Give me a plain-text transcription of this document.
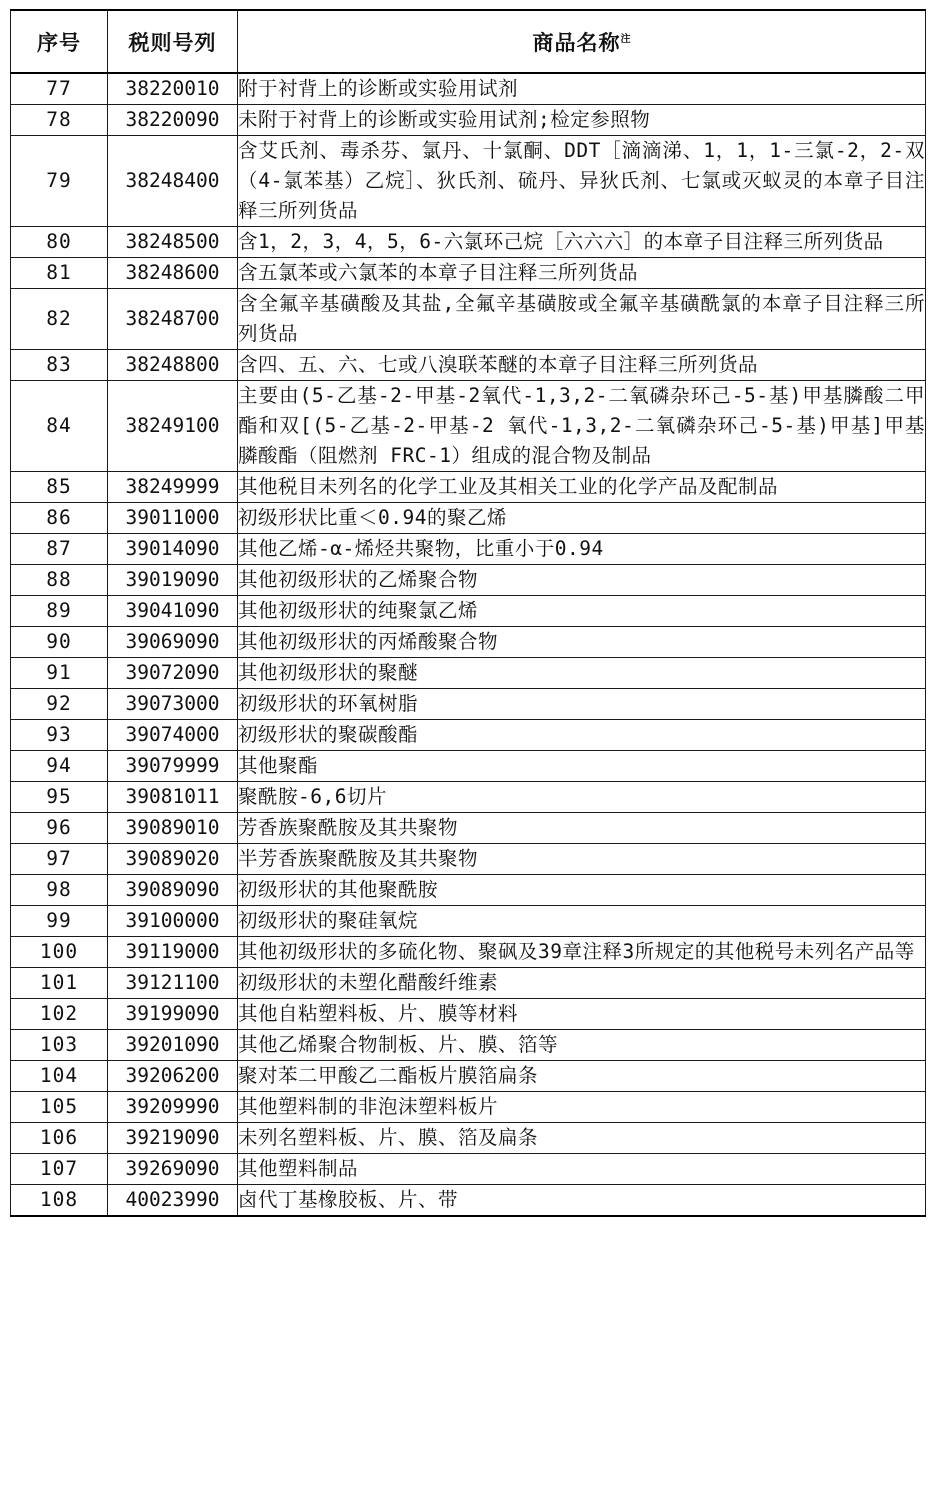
序号	税则号列	商品名称$^注$
77	38220010	附于衬背上的诊断或实验用试剂
78	38220090	未附于衬背上的诊断或实验用试剂;检定参照物
79	38248400	含艾氏剂、毒杀芬、氯丹、十氯酮、DDT［滴滴涕、1，1，1-三氯-2，2-双（4-氯苯基）乙烷］、狄氏剂、硫丹、异狄氏剂、七氯或灭蚁灵的本章子目注释三所列货品
80	38248500	含1，2，3，4，5，6-六氯环己烷［六六六］的本章子目注释三所列货品
81	38248600	含五氯苯或六氯苯的本章子目注释三所列货品
82	38248700	含全氟辛基磺酸及其盐,全氟辛基磺胺或全氟辛基磺酰氯的本章子目注释三所列货品
83	38248800	含四、五、六、七或八溴联苯醚的本章子目注释三所列货品
84	38249100	主要由(5-乙基-2-甲基-2氧代-1,3,2-二氧磷杂环己-5-基)甲基膦酸二甲酯和双[(5-乙基-2-甲基-2 氧代-1,3,2-二氧磷杂环己-5-基)甲基]甲基膦酸酯（阻燃剂 FRC-1）组成的混合物及制品
85	38249999	其他税目未列名的化学工业及其相关工业的化学产品及配制品
86	39011000	初级形状比重＜0.94的聚乙烯
87	39014090	其他乙烯-α-烯烃共聚物，比重小于0.94
88	39019090	其他初级形状的乙烯聚合物
89	39041090	其他初级形状的纯聚氯乙烯
90	39069090	其他初级形状的丙烯酸聚合物
91	39072090	其他初级形状的聚醚
92	39073000	初级形状的环氧树脂
93	39074000	初级形状的聚碳酸酯
94	39079999	其他聚酯
95	39081011	聚酰胺-6,6切片
96	39089010	芳香族聚酰胺及其共聚物
97	39089020	半芳香族聚酰胺及其共聚物
98	39089090	初级形状的其他聚酰胺
99	39100000	初级形状的聚硅氧烷
100	39119000	其他初级形状的多硫化物、聚砜及39章注释3所规定的其他税号未列名产品等
101	39121100	初级形状的未塑化醋酸纤维素
102	39199090	其他自粘塑料板、片、膜等材料
103	39201090	其他乙烯聚合物制板、片、膜、箔等
104	39206200	聚对苯二甲酸乙二酯板片膜箔扁条
105	39209990	其他塑料制的非泡沫塑料板片
106	39219090	未列名塑料板、片、膜、箔及扁条
107	39269090	其他塑料制品
108	40023990	卤代丁基橡胶板、片、带
